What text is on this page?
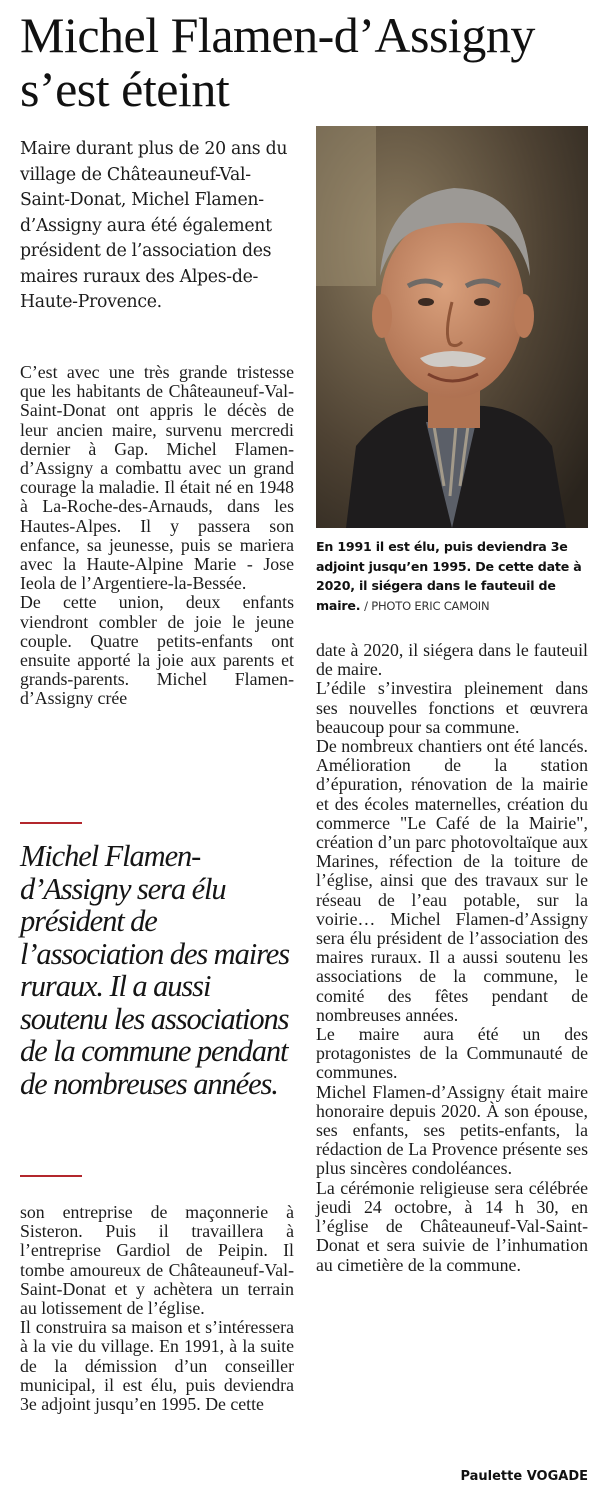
Michel Flamen-d’Assigny
s’est éteint
Maire durant plus de 20 ans du village de Châteauneuf-Val-Saint-Donat, Michel Flamen-d’Assigny aura été également président de l’association des maires ruraux des Alpes-de-Haute-Provence.

C’est avec une très grande tristesse que les habitants de Châteauneuf-Val-Saint-Donat ont appris le décès de leur ancien maire, survenu mercredi dernier à Gap. Michel Flamen-d’Assigny a combattu avec un grand courage la maladie. Il était né en 1948 à La-Roche-des-Arnauds, dans les Hautes-Alpes. Il y passera son enfance, sa jeunesse, puis se mariera avec la Haute-Alpine Marie - Jose Ieola de l’Argentiere-la-Bessée.

De cette union, deux enfants viendront combler de joie le jeune couple. Quatre petits-enfants ont ensuite apporté la joie aux parents et grands-parents. Michel Flamen-d’Assigny crée

Michel Flamen-d’Assigny sera élu président de l’association des maires ruraux. Il a aussi soutenu les associations de la commune pendant de nombreuses années.

son entreprise de maçonnerie à Sisteron. Puis il travaillera à l’entreprise Gardiol de Peipin. Il tombe amoureux de Châteauneuf-Val-Saint-Donat et y achètera un terrain au lotissement de l’église.

Il construira sa maison et s’intéressera à la vie du village. En 1991, à la suite de la démission d’un conseiller municipal, il est élu, puis deviendra 3e adjoint jusqu’en 1995. De cette

En 1991 il est élu, puis deviendra 3e adjoint jusqu’en 1995. De cette date à 2020, il siégera dans le fauteuil de maire. / PHOTO ERIC CAMOIN

date à 2020, il siégera dans le fauteuil de maire.

L’édile s’investira pleinement dans ses nouvelles fonctions et œuvrera beaucoup pour sa commune.

De nombreux chantiers ont été lancés. Amélioration de la station d’épuration, rénovation de la mairie et des écoles maternelles, création du commerce "Le Café de la Mairie", création d’un parc photovoltaïque aux Marines, réfection de la toiture de l’église, ainsi que des travaux sur le réseau de l’eau potable, sur la voirie… Michel Flamen-d’Assigny sera élu président de l’association des maires ruraux. Il a aussi soutenu les associations de la commune, le comité des fêtes pendant de nombreuses années.

Le maire aura été un des protagonistes de la Communauté de communes.

Michel Flamen-d’Assigny était maire honoraire depuis 2020. À son épouse, ses enfants, ses petits-enfants, la rédaction de La Provence présente ses plus sincères condoléances.

La cérémonie religieuse sera célébrée jeudi 24 octobre, à 14 h 30, en l’église de Châteauneuf-Val-Saint-Donat et sera suivie de l’inhumation au cimetière de la commune.

Paulette VOGADE
